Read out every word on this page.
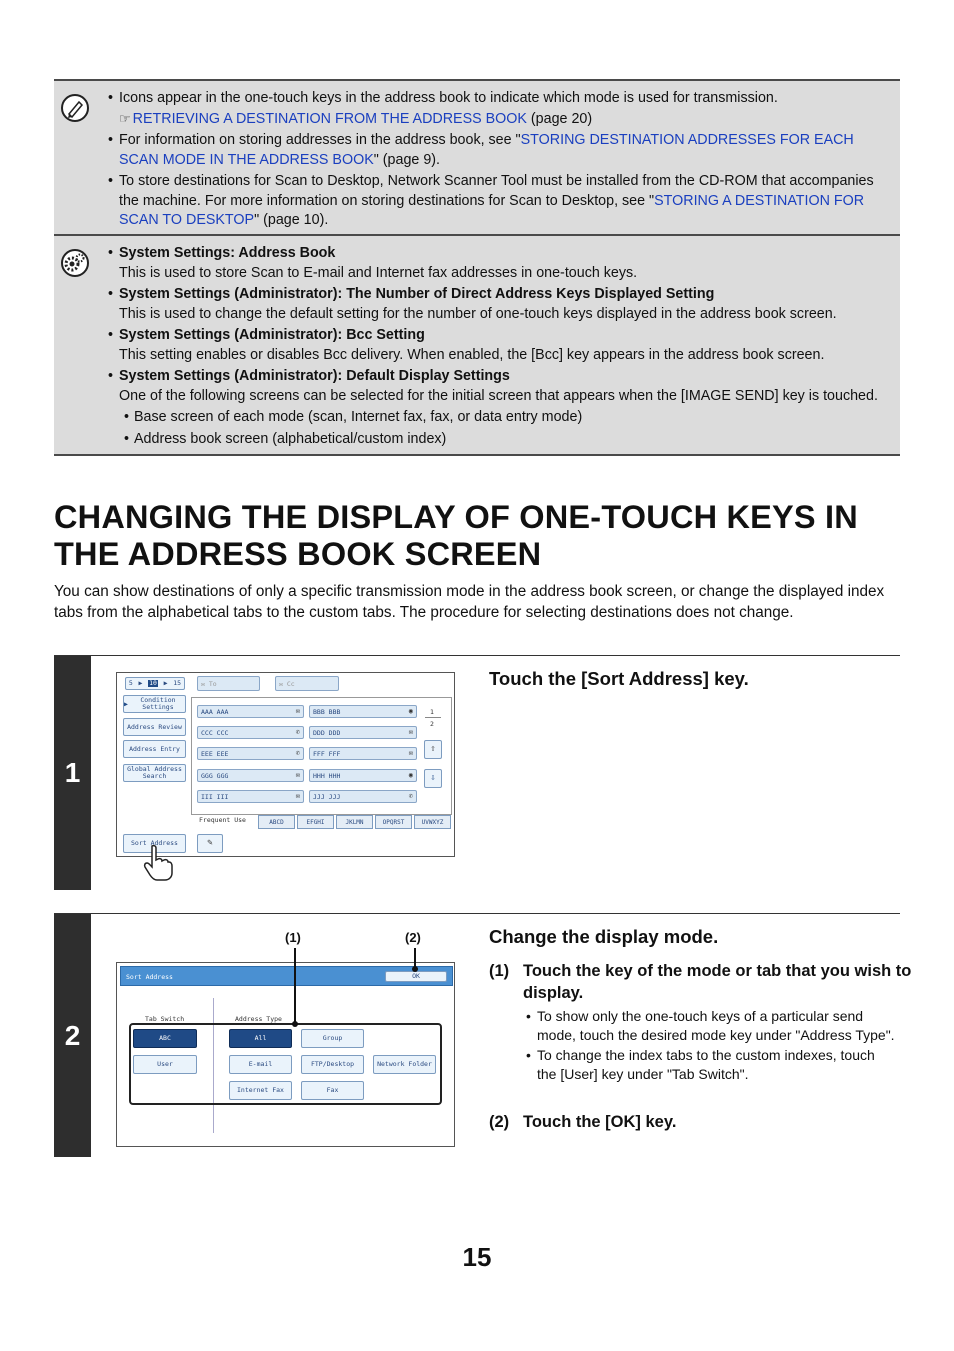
• Icons appear in the one-touch keys in the address book to indicate which mode is used for transmission.
☞ RETRIEVING A DESTINATION FROM THE ADDRESS BOOK (page 20)
• For information on storing addresses in the address book, see "STORING DESTINATION ADDRESSES FOR EACH SCAN MODE IN THE ADDRESS BOOK" (page 9).
• To store destinations for Scan to Desktop, Network Scanner Tool must be installed from the CD-ROM that accompanies the machine. For more information on storing destinations for Scan to Desktop, see "STORING A DESTINATION FOR SCAN TO DESKTOP" (page 10).
• System Settings: Address Book
This is used to store Scan to E-mail and Internet fax addresses in one-touch keys.
• System Settings (Administrator): The Number of Direct Address Keys Displayed Setting
This is used to change the default setting for the number of one-touch keys displayed in the address book screen.
• System Settings (Administrator): Bcc Setting
This setting enables or disables Bcc delivery. When enabled, the [Bcc] key appears in the address book screen.
• System Settings (Administrator): Default Display Settings
One of the following screens can be selected for the initial screen that appears when the [IMAGE SEND] key is touched.
• Base screen of each mode (scan, Internet fax, fax, or data entry mode)
• Address book screen (alphabetical/custom index)
CHANGING THE DISPLAY OF ONE-TOUCH KEYS IN THE ADDRESS BOOK SCREEN

You can show destinations of only a specific transmission mode in the address book screen, or change the displayed index tabs from the alphabetical tabs to the custom tabs. The procedure for selecting destinations does not change.

1
5 ▶ 10 ▶ 15	✉ To	✉ Cc
▶	Condition Settings
Address Review
Address Entry
Global Address Search
AAA AAA	✉ BBB BBB	◉
CCC CCC	✆ DDD DDD	✉
EEE EEE	✆ FFF FFF	✉
GGG GGG	✉ HHH HHH	◉
III III	✉ JJJ JJJ	✆
1
2
⇧
⇩
Frequent Use	ABCD	EFGHI	JKLMN	OPQRST	UVWXYZ
Sort Address	✎
Touch the [Sort Address] key.
2
(1)	(2)
Sort Address	OK
Tab Switch	Address Type
ABC
User
All	Group
E-mail	FTP/Desktop	Network Folder
Internet Fax	Fax
Change the display mode.
(1) Touch the key of the mode or tab that you wish to display.
• To show only the one-touch keys of a particular send mode, touch the desired mode key under "Address Type".
• To change the index tabs to the custom indexes, touch the [User] key under "Tab Switch".
(2) Touch the [OK] key.
15
